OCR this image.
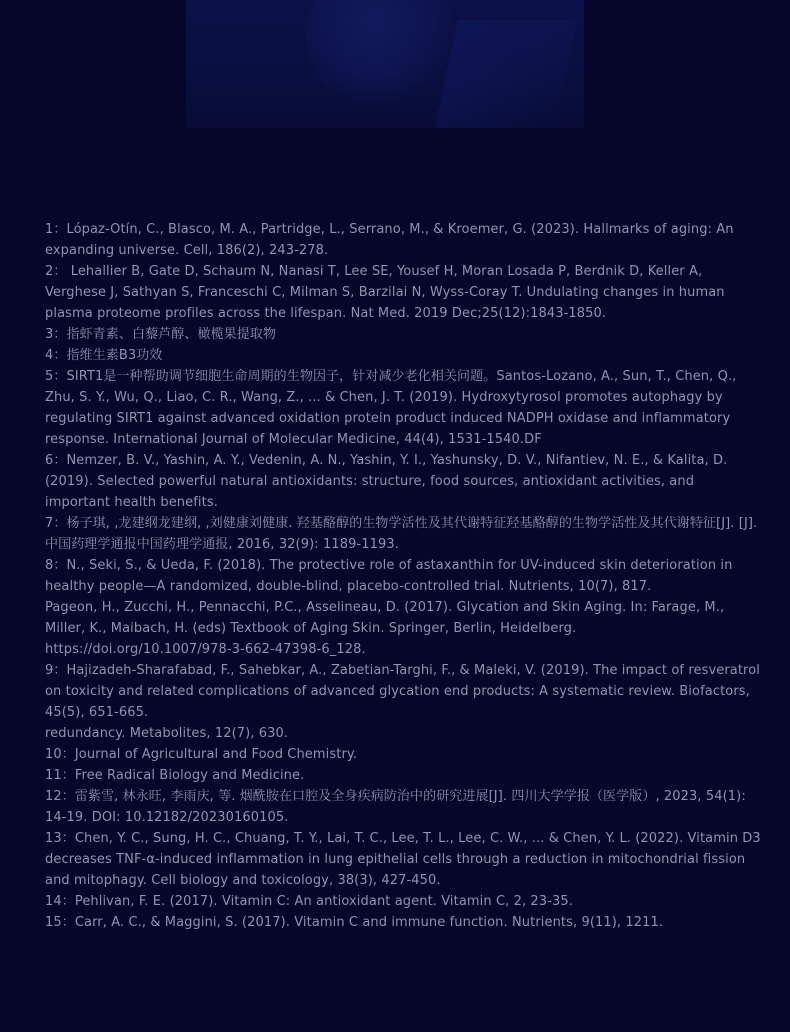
1：Lópaz-Otín, C., Blasco, M. A., Partridge, L., Serrano, M., & Kroemer, G. (2023). Hallmarks of aging: An expanding universe. Cell, 186(2), 243-278.

2： Lehallier B, Gate D, Schaum N, Nanasi T, Lee SE, Yousef H, Moran Losada P, Berdnik D, Keller A, Verghese J, Sathyan S, Franceschi C, Milman S, Barzilai N, Wyss-Coray T. Undulating changes in human plasma proteome profiles across the lifespan. Nat Med. 2019 Dec;25(12):1843-1850.

3：指虾青素、白藜芦醇、橄榄果提取物

4：指维生素B3功效

5：SIRT1是一种帮助调节细胞生命周期的生物因子，针对减少老化相关问题。Santos-Lozano, A., Sun, T., Chen, Q., Zhu, S. Y., Wu, Q., Liao, C. R., Wang, Z., ... & Chen, J. T. (2019). Hydroxytyrosol promotes autophagy by regulating SIRT1 against advanced oxidation protein product induced NADPH oxidase and inflammatory response. International Journal of Molecular Medicine, 44(4), 1531-1540.DF

6：Nemzer, B. V., Yashin, A. Y., Vedenin, A. N., Yashin, Y. I., Yashunsky, D. V., Nifantiev, N. E., & Kalita, D. (2019). Selected powerful natural antioxidants: structure, food sources, antioxidant activities, and important health benefits.

7：杨子琪, ,龙建纲龙建纲, ,刘健康刘健康. 羟基酪醇的生物学活性及其代谢特征羟基酪醇的生物学活性及其代谢特征[J]. [J]. 中国药理学通报中国药理学通报, 2016, 32(9): 1189-1193.

8：N., Seki, S., & Ueda, F. (2018). The protective role of astaxanthin for UV-induced skin deterioration in healthy people—A randomized, double-blind, placebo-controlled trial. Nutrients, 10(7), 817.

Pageon, H., Zucchi, H., Pennacchi, P.C., Asselineau, D. (2017). Glycation and Skin Aging. In: Farage, M., Miller, K., Maibach, H. (eds) Textbook of Aging Skin. Springer, Berlin, Heidelberg.

https://doi.org/10.1007/978-3-662-47398-6_128.

9：Hajizadeh‐Sharafabad, F., Sahebkar, A., Zabetian‐Targhi, F., & Maleki, V. (2019). The impact of resveratrol on toxicity and related complications of advanced glycation end products: A systematic review. Biofactors, 45(5), 651-665.

redundancy. Metabolites, 12(7), 630.

10：Journal of Agricultural and Food Chemistry.

11：Free Radical Biology and Medicine.

12：雷紫雪, 林永旺, 李雨庆, 等. 烟酰胺在口腔及全身疾病防治中的研究进展[J]. 四川大学学报（医学版）, 2023, 54(1): 14-19. DOI: 10.12182/20230160105.

13：Chen, Y. C., Sung, H. C., Chuang, T. Y., Lai, T. C., Lee, T. L., Lee, C. W., ... & Chen, Y. L. (2022). Vitamin D3 decreases TNF-α-induced inflammation in lung epithelial cells through a reduction in mitochondrial fission and mitophagy. Cell biology and toxicology, 38(3), 427-450.

14：Pehlivan, F. E. (2017). Vitamin C: An antioxidant agent. Vitamin C, 2, 23-35.

15：Carr, A. C., & Maggini, S. (2017). Vitamin C and immune function. Nutrients, 9(11), 1211.
